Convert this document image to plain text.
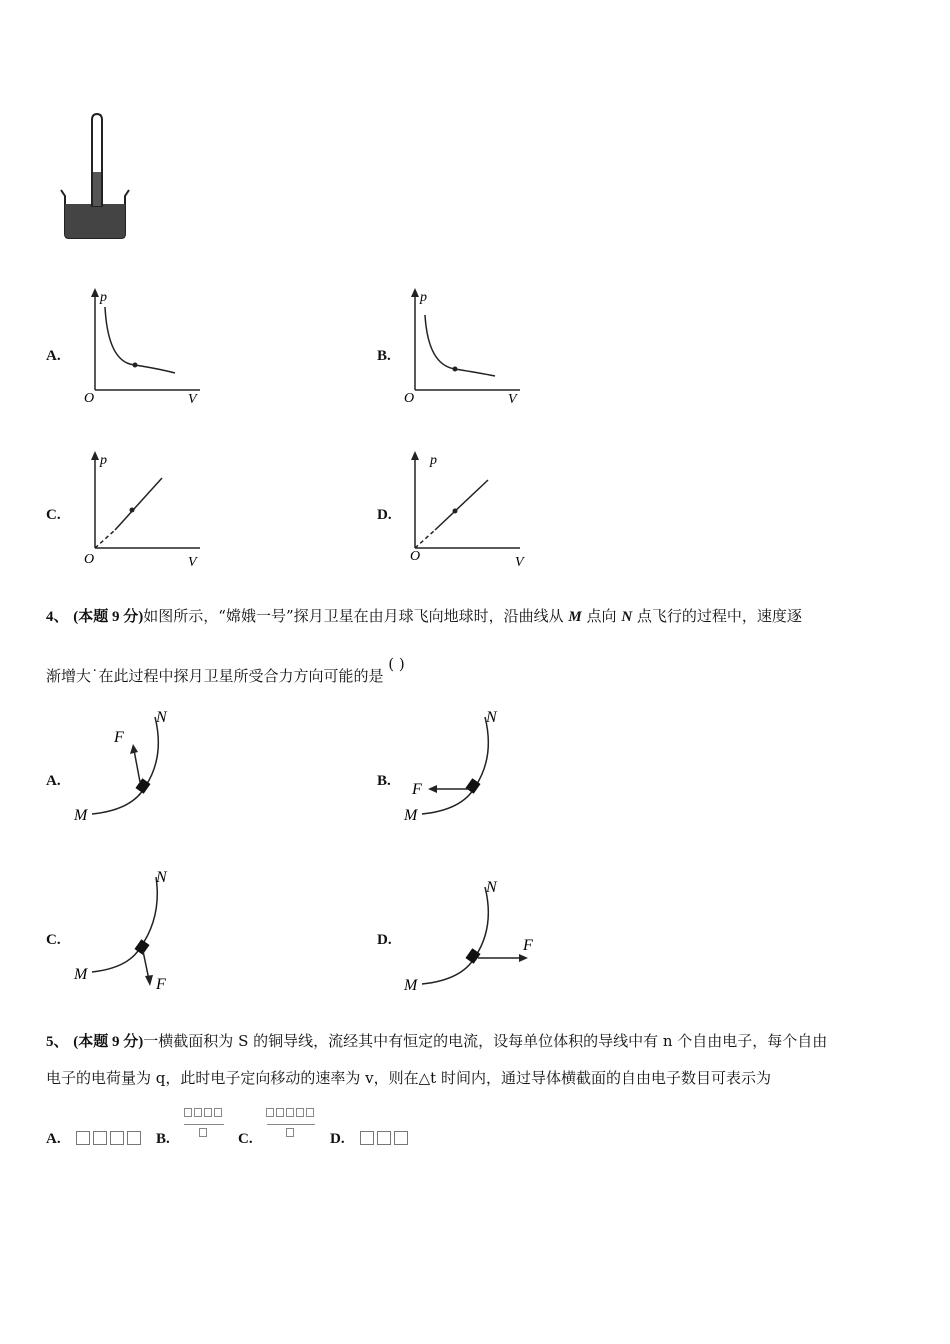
A.
p
O	V
B.
p
O	V
C.
p
O	V
D.
p
O	V
4、 (本题 9 分)如图所示，“嫦娥一号”探月卫星在由月球飞向地球时，沿曲线从 M 点向 N 点飞行的过程中，速度逐
渐增大˙在此过程中探月卫星所受合力方向可能的是 ( )
A.
M
N
F
B.
M
N
F
C.
M
N
F
D.
M
N
F
5、 (本题 9 分)一横截面积为 S 的铜导线，流经其中有恒定的电流，设每单位体积的导线中有 n 个自由电子，每个自由
电子的电荷量为 q，此时电子定向移动的速率为 v，则在△t 时间内，通过导体横截面的自由电子数目可表示为
A.	B.	C.	D.
